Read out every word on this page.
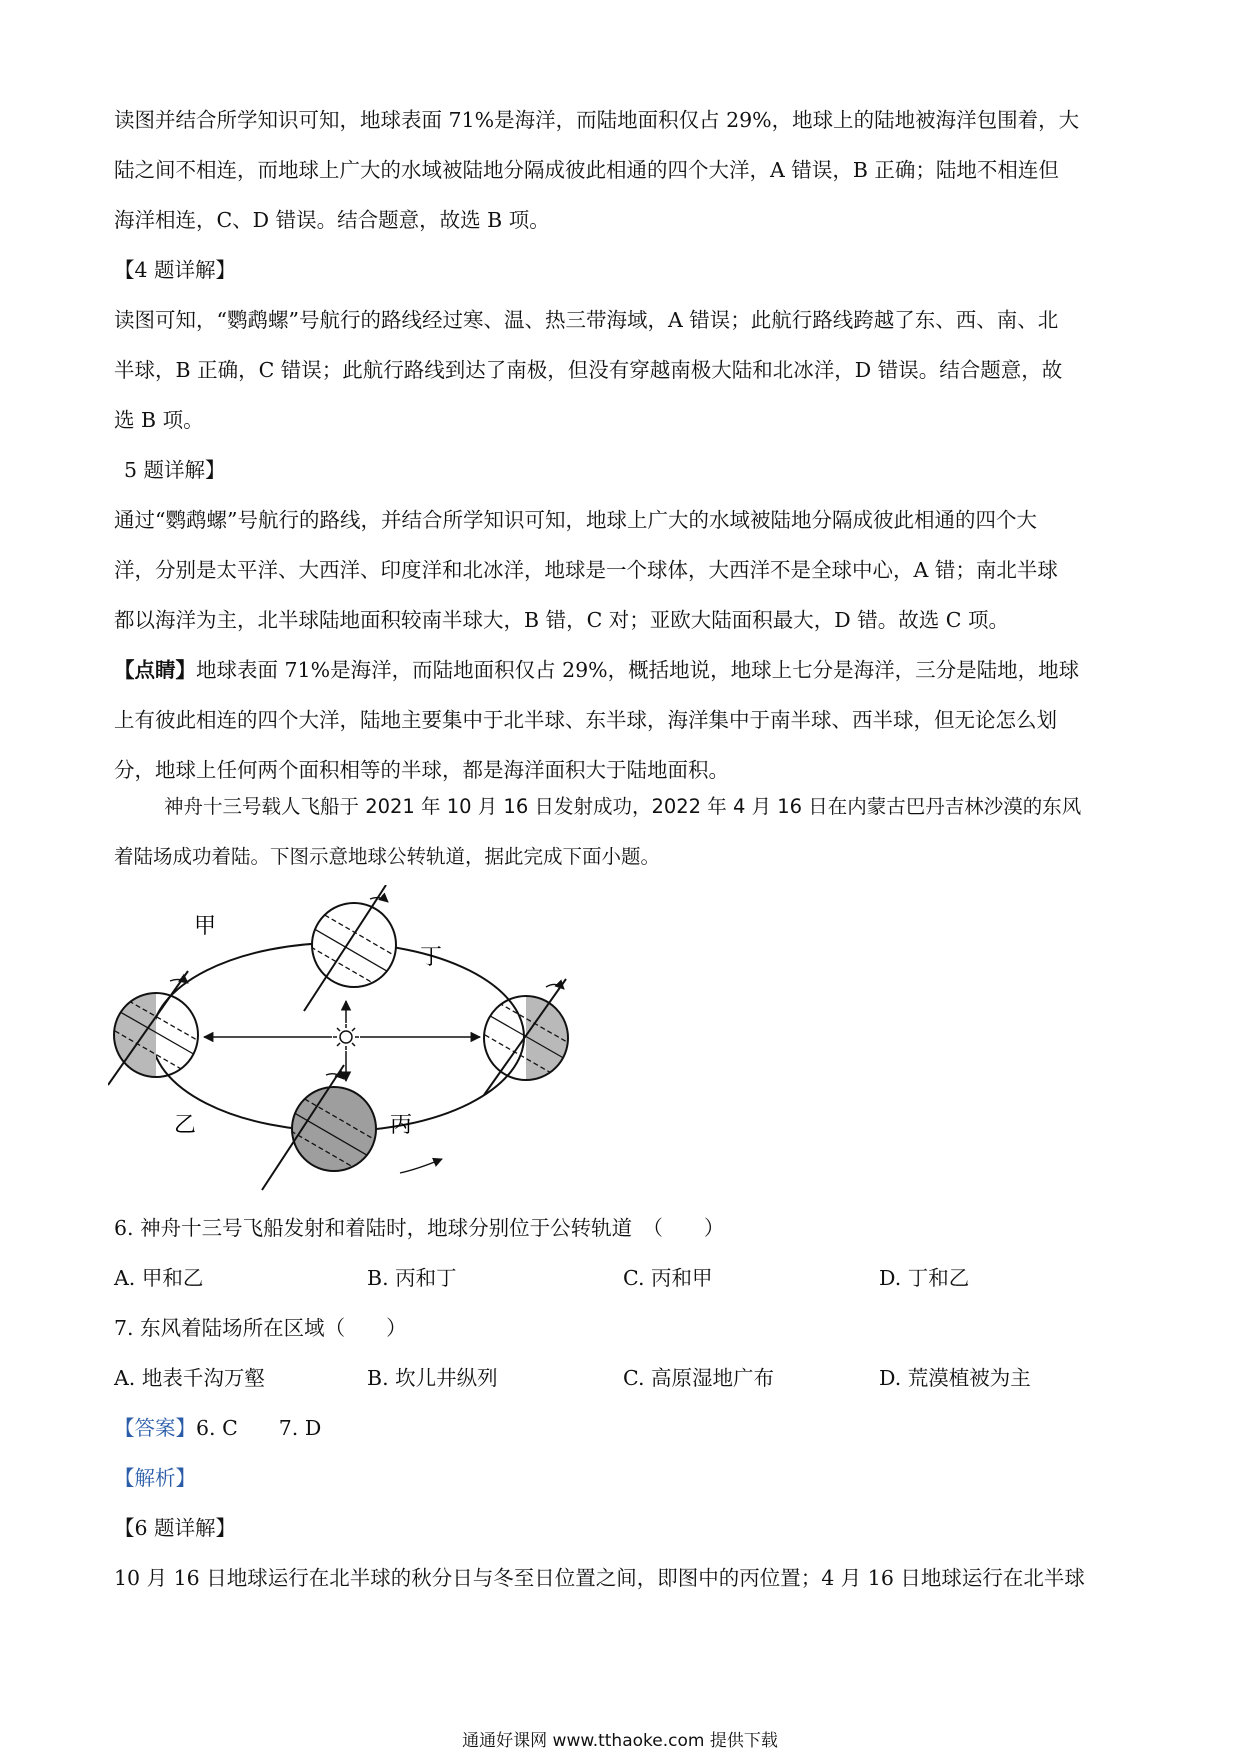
读图并结合所学知识可知，地球表面 71%是海洋，而陆地面积仅占 29%，地球上的陆地被海洋包围着，大
陆之间不相连，而地球上广大的水域被陆地分隔成彼此相通的四个大洋，A 错误，B 正确；陆地不相连但
海洋相连，C、D 错误。结合题意，故选 B 项。
【4 题详解】
读图可知，“鹦鹉螺”号航行的路线经过寒、温、热三带海域，A 错误；此航行路线跨越了东、西、南、北
半球，B 正确，C 错误；此航行路线到达了南极，但没有穿越南极大陆和北冰洋，D 错误。结合题意，故
选 B 项。
5 题详解】
通过“鹦鹉螺”号航行的路线，并结合所学知识可知，地球上广大的水域被陆地分隔成彼此相通的四个大
洋，分别是太平洋、大西洋、印度洋和北冰洋，地球是一个球体，大西洋不是全球中心，A 错；南北半球
都以海洋为主，北半球陆地面积较南半球大，B 错，C 对；亚欧大陆面积最大，D 错。故选 C 项。
【点睛】地球表面 71%是海洋，而陆地面积仅占 29%，概括地说，地球上七分是海洋，三分是陆地，地球
上有彼此相连的四个大洋，陆地主要集中于北半球、东半球，海洋集中于南半球、西半球，但无论怎么划
分，地球上任何两个面积相等的半球，都是海洋面积大于陆地面积。
神舟十三号载人飞船于 2021 年 10 月 16 日发射成功，2022 年 4 月 16 日在内蒙古巴丹吉林沙漠的东风
着陆场成功着陆。下图示意地球公转轨道，据此完成下面小题。
甲
丁
乙	丙
6. 神舟十三号飞船发射和着陆时，地球分别位于公转轨道　（　　）
A. 甲和乙	B. 丙和丁	C. 丙和甲	D. 丁和乙
7. 东风着陆场所在区域（　　）
A. 地表千沟万壑	B. 坎儿井纵列	C. 高原湿地广布	D. 荒漠植被为主
【答案】6. C　　7. D
【解析】
【6 题详解】
10 月 16 日地球运行在北半球的秋分日与冬至日位置之间，即图中的丙位置；4 月 16 日地球运行在北半球
通通好课网 www.tthaoke.com 提供下载
